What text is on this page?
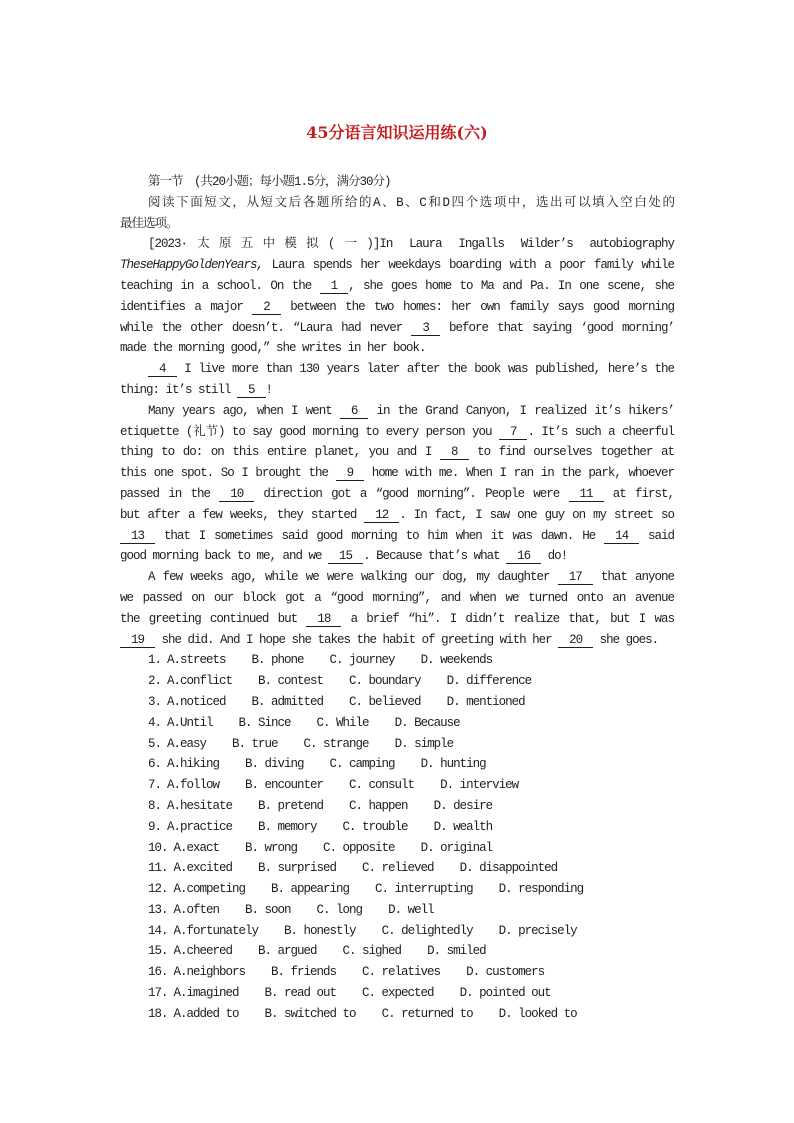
45分语言知识运用练(六)
第一节　(共20小题；每小题1.5分，满分30分)
阅读下面短文，从短文后各题所给的A、B、C和D四个选项中，选出可以填入空白处的
最佳选项。
[2023·太原五中模拟(一)]In Laura Ingalls Wilder’s autobiography
TheseHappyGoldenYears, Laura spends her weekdays boarding with a poor family while
teaching in a school. On the 1 , she goes home to Ma and Pa. In one scene, she
identifies a major 2 between the two homes: her own family says good morning
while the other doesn’t. “Laura had never 3 before that saying ‘good morning’
made the morning good,” she writes in her book.
4 I live more than 130 years later after the book was published, here’s the
thing: it’s still 5 !
Many years ago, when I went 6 in the Grand Canyon, I realized it’s hikers’
etiquette (礼节) to say good morning to every person you 7 . It’s such a cheerful
thing to do: on this entire planet, you and I 8 to find ourselves together at
this one spot. So I brought the 9 home with me. When I ran in the park, whoever
passed in the 10 direction got a “good morning”. People were 11 at first,
but after a few weeks, they started 12 . In fact, I saw one guy on my street so
13 that I sometimes said good morning to him when it was dawn. He 14 said
good morning back to me, and we 15 . Because that’s what 16 do!
A few weeks ago, while we were walking our dog, my daughter 17 that anyone
we passed on our block got a “good morning”, and when we turned onto an avenue
the greeting continued but 18 a brief “hi”. I didn’t realize that, but I was
19 she did. And I hope she takes the habit of greeting with her 20 she goes.
1. A.streets B. phone C. journey D. weekends
2. A.conflict B. contest C. boundary D. difference
3. A.noticed B. admitted C. believed D. mentioned
4. A.Until B. Since C. While D. Because
5. A.easy B. true C. strange D. simple
6. A.hiking B. diving C. camping D. hunting
7. A.follow B. encounter C. consult D. interview
8. A.hesitate B. pretend C. happen D. desire
9. A.practice B. memory C. trouble D. wealth
10. A.exact B. wrong C. opposite D. original
11. A.excited B. surprised C. relieved D. disappointed
12. A.competing B. appearing C. interrupting D. responding
13. A.often B. soon C. long D. well
14. A.fortunately B. honestly C. delightedly D. precisely
15. A.cheered B. argued C. sighed D. smiled
16. A.neighbors B. friends C. relatives D. customers
17. A.imagined B. read out C. expected D. pointed out
18. A.added to B. switched to C. returned to D. looked to
